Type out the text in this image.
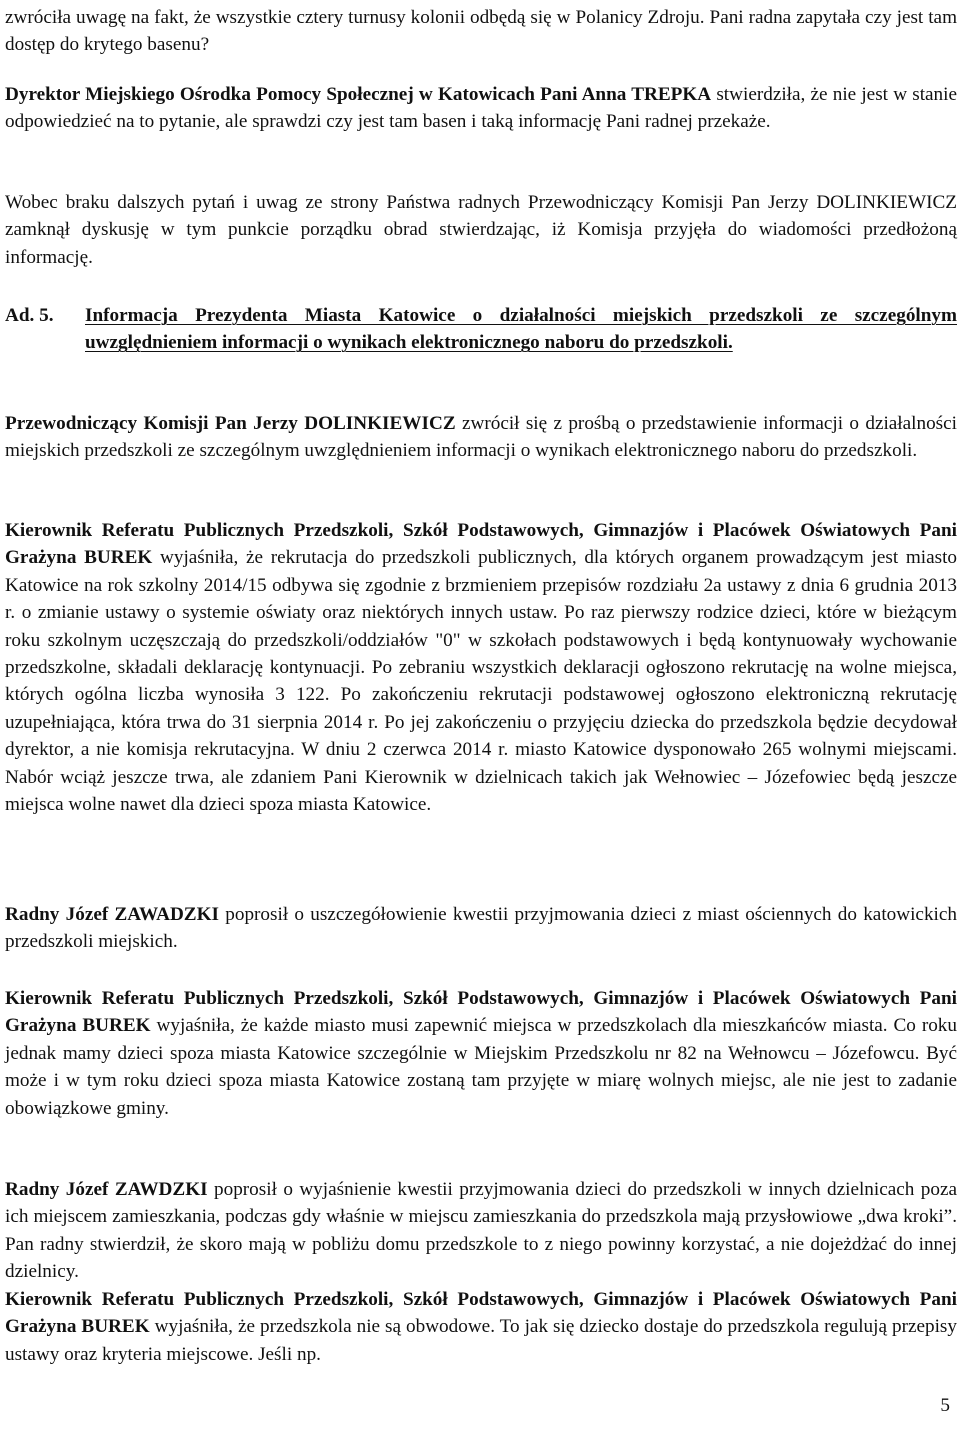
zwróciła uwagę na fakt, że wszystkie cztery turnusy kolonii odbędą się w Polanicy Zdroju. Pani radna zapytała czy jest tam dostęp do krytego basenu?

Dyrektor Miejskiego Ośrodka Pomocy Społecznej w Katowicach Pani Anna TREPKA stwierdziła, że nie jest w stanie odpowiedzieć na to pytanie, ale sprawdzi czy jest tam basen i taką informację Pani radnej przekaże.

Wobec braku dalszych pytań i uwag ze strony Państwa radnych Przewodniczący Komisji Pan Jerzy DOLINKIEWICZ zamknął dyskusję w tym punkcie porządku obrad stwierdzając, iż Komisja przyjęła do wiadomości przedłożoną informację.

Ad. 5. Informacja Prezydenta Miasta Katowice o działalności miejskich przedszkoli ze szczególnym uwzględnieniem informacji o wynikach elektronicznego naboru do przedszkoli.

Przewodniczący Komisji Pan Jerzy DOLINKIEWICZ zwrócił się z prośbą o przedstawienie informacji o działalności miejskich przedszkoli ze szczególnym uwzględnieniem informacji o wynikach elektronicznego naboru do przedszkoli.

Kierownik Referatu Publicznych Przedszkoli, Szkół Podstawowych, Gimnazjów i Placówek Oświatowych Pani Grażyna BUREK wyjaśniła, że rekrutacja do przedszkoli publicznych, dla których organem prowadzącym jest miasto Katowice na rok szkolny 2014/15 odbywa się zgodnie z brzmieniem przepisów rozdziału 2a ustawy z dnia 6 grudnia 2013 r. o zmianie ustawy o systemie oświaty oraz niektórych innych ustaw. Po raz pierwszy rodzice dzieci, które w bieżącym roku szkolnym uczęszczają do przedszkoli/oddziałów "0" w szkołach podstawowych i będą kontynuowały wychowanie przedszkolne, składali deklarację kontynuacji. Po zebraniu wszystkich deklaracji ogłoszono rekrutację na wolne miejsca, których ogólna liczba wynosiła 3 122. Po zakończeniu rekrutacji podstawowej ogłoszono elektroniczną rekrutację uzupełniająca, która trwa do 31 sierpnia 2014 r. Po jej zakończeniu o przyjęciu dziecka do przedszkola będzie decydował dyrektor, a nie komisja rekrutacyjna. W dniu 2 czerwca 2014 r. miasto Katowice dysponowało 265 wolnymi miejscami. Nabór wciąż jeszcze trwa, ale zdaniem Pani Kierownik w dzielnicach takich jak Wełnowiec – Józefowiec będą jeszcze miejsca wolne nawet dla dzieci spoza miasta Katowice.

Radny Józef ZAWADZKI poprosił o uszczegółowienie kwestii przyjmowania dzieci z miast ościennych do katowickich przedszkoli miejskich.

Kierownik Referatu Publicznych Przedszkoli, Szkół Podstawowych, Gimnazjów i Placówek Oświatowych Pani Grażyna BUREK wyjaśniła, że każde miasto musi zapewnić miejsca w przedszkolach dla mieszkańców miasta. Co roku jednak mamy dzieci spoza miasta Katowice szczególnie w Miejskim Przedszkolu nr 82 na Wełnowcu – Józefowcu. Być może i w tym roku dzieci spoza miasta Katowice zostaną tam przyjęte w miarę wolnych miejsc, ale nie jest to zadanie obowiązkowe gminy.

Radny Józef ZAWDZKI poprosił o wyjaśnienie kwestii przyjmowania dzieci do przedszkoli w innych dzielnicach poza ich miejscem zamieszkania, podczas gdy właśnie w miejscu zamieszkania do przedszkola mają przysłowiowe „dwa kroki”. Pan radny stwierdził, że skoro mają w pobliżu domu przedszkole to z niego powinny korzystać, a nie dojeżdżać do innej dzielnicy.

Kierownik Referatu Publicznych Przedszkoli, Szkół Podstawowych, Gimnazjów i Placówek Oświatowych Pani Grażyna BUREK wyjaśniła, że przedszkola nie są obwodowe. To jak się dziecko dostaje do przedszkola regulują przepisy ustawy oraz kryteria miejscowe. Jeśli np.

5
